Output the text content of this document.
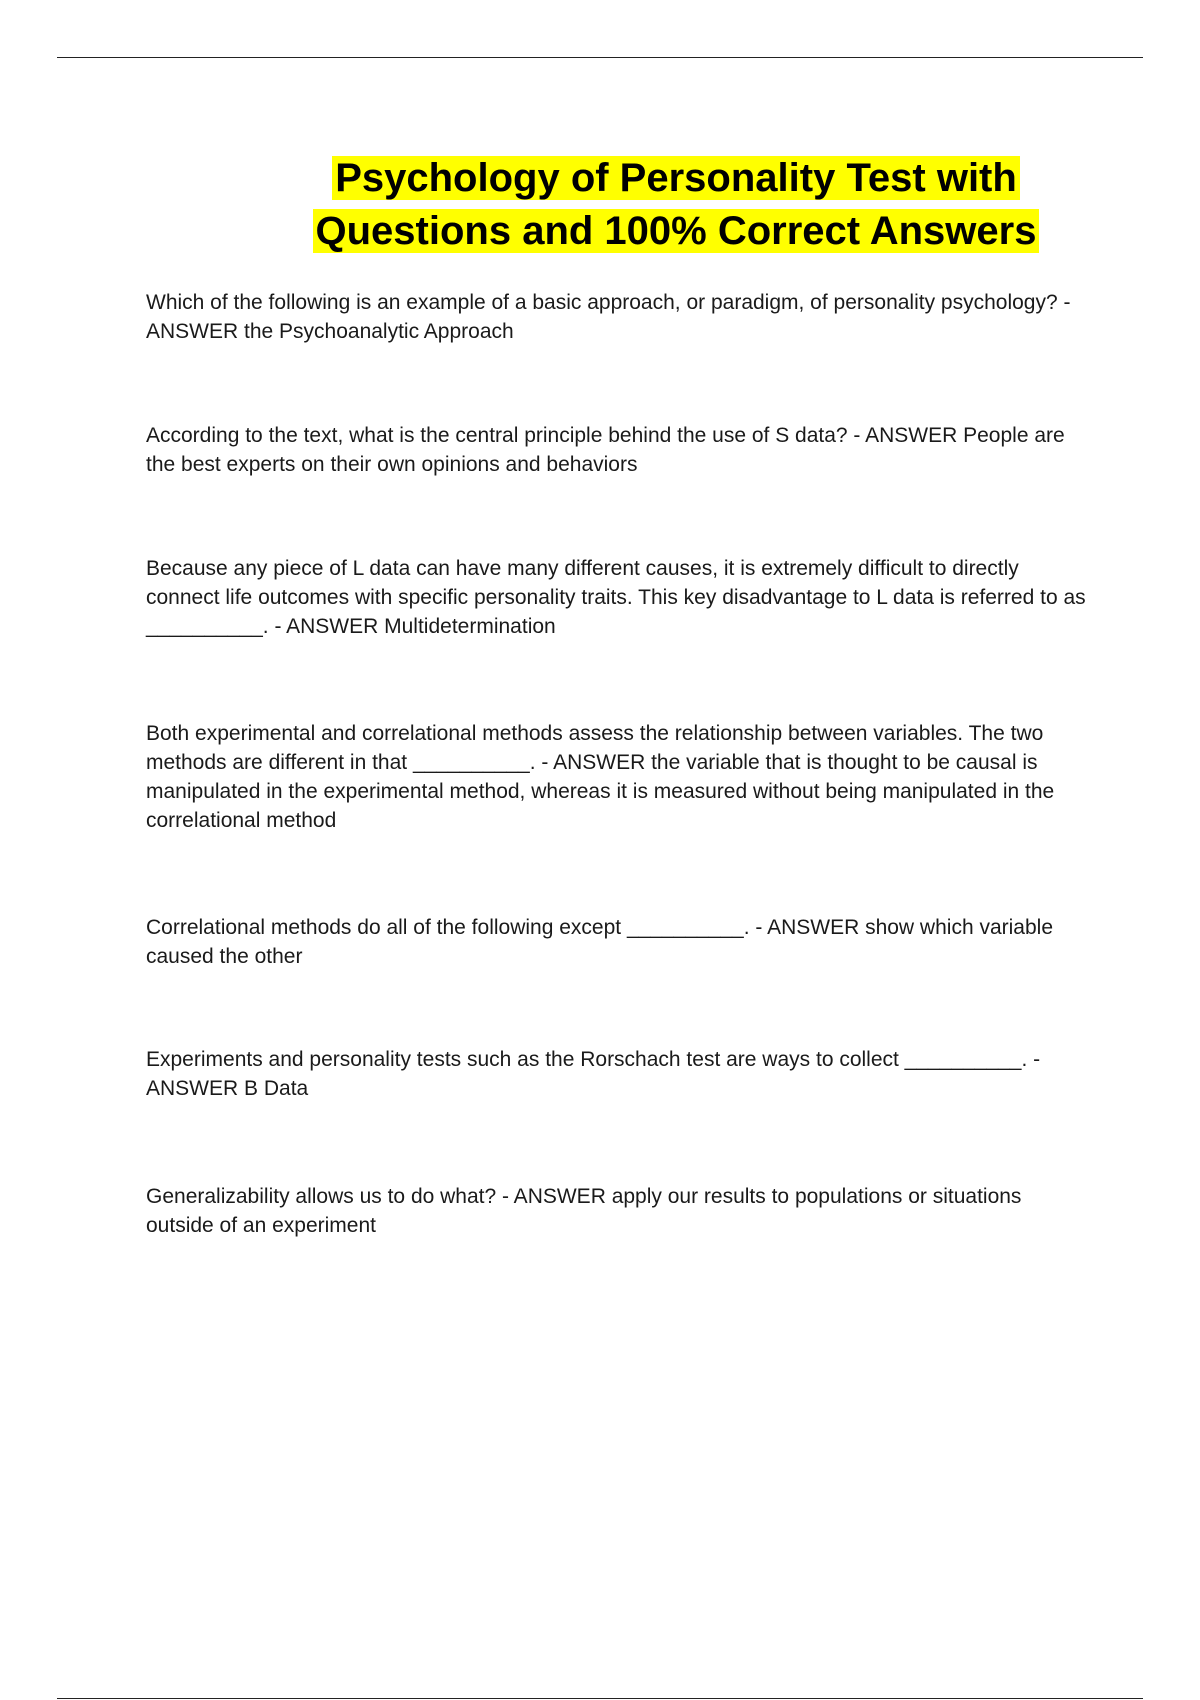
Psychology of Personality Test with
Questions and 100% Correct Answers

Which of the following is an example of a basic approach, or paradigm, of personality psychology? - ANSWER the Psychoanalytic Approach

According to the text, what is the central principle behind the use of S data? - ANSWER People are the best experts on their own opinions and behaviors

Because any piece of L data can have many different causes, it is extremely difficult to directly connect life outcomes with specific personality traits. This key disadvantage to L data is referred to as __________. - ANSWER Multidetermination

Both experimental and correlational methods assess the relationship between variables. The two methods are different in that __________. - ANSWER the variable that is thought to be causal is manipulated in the experimental method, whereas it is measured without being manipulated in the correlational method

Correlational methods do all of the following except __________. - ANSWER show which variable caused the other

Experiments and personality tests such as the Rorschach test are ways to collect __________. - ANSWER B Data

Generalizability allows us to do what? - ANSWER apply our results to populations or situations outside of an experiment
